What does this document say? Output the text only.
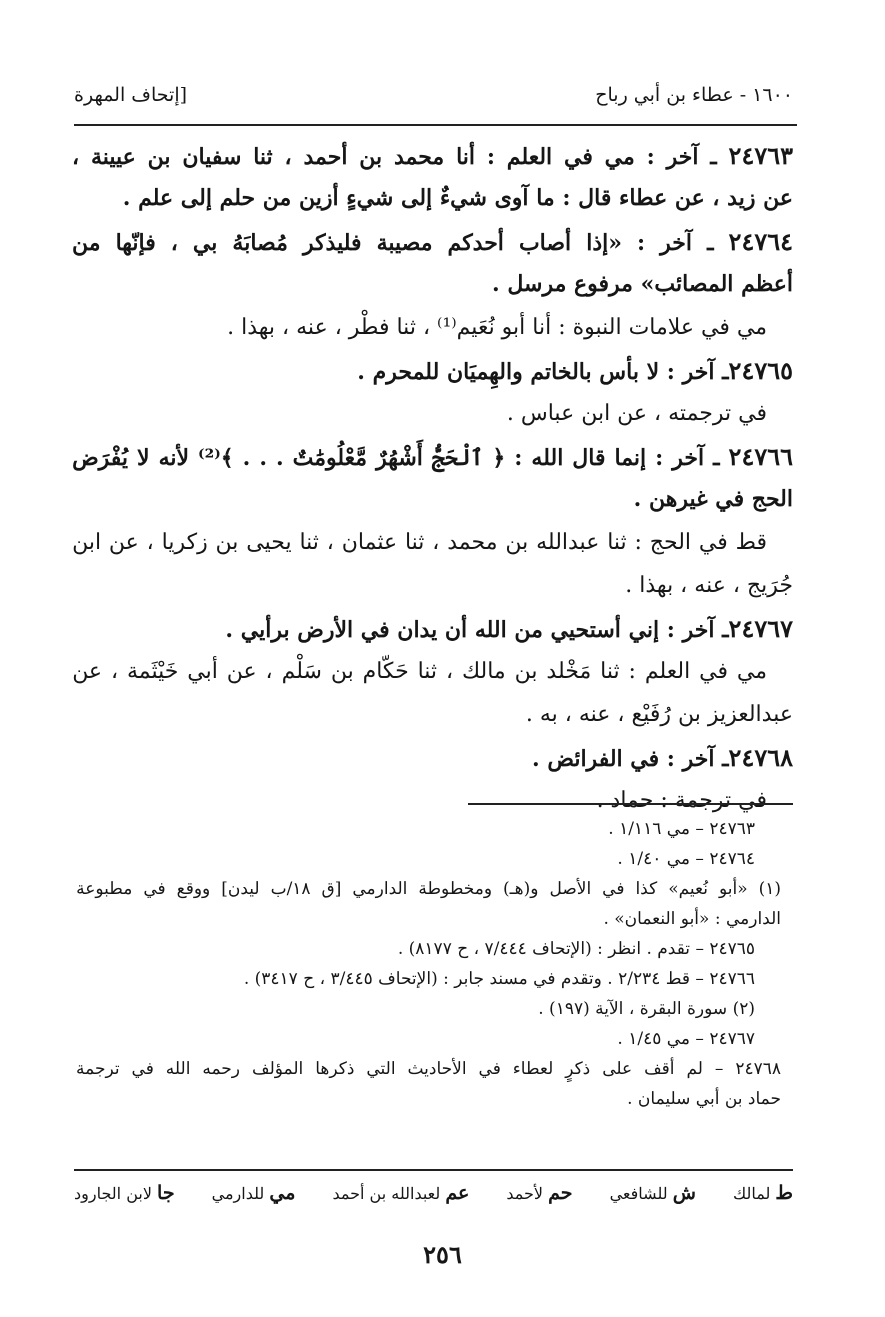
١٦٠٠ - عطاء بن أبي رباح
[إتحاف المهرة
٢٤٧٦٣
ـ
آخر
:
مي
في
العلم
:
أنا
محمد
بن
أحمد
،
ثنا
سفيان
بن
عيينة
،
عن زيد ، عن عطاء قال : ما آوى شيءٌ إلى شيءٍ أزين من حلم إلى علم .
٢٤٧٦٤
ـ
آخر
:
«إذا
أصاب
أحدكم
مصيبة
فليذكر
مُصابَهُ
بي
،
فإنّها
من
أعظم المصائب» مرفوع مرسل .
مي في علامات النبوة : أنا أبو نُعَيم⁽¹⁾ ، ثنا فطْر ، عنه ، بهذا .
٢٤٧٦٥
ـ آخر : لا بأس بالخاتم والهِميَان للمحرم .
في ترجمته ، عن ابن عباس .
٢٤٧٦٦
ـ
آخر
:
إنما
قال
الله
:
﴿
ٱلْحَجُّ
أَشْهُرٌ
مَّعْلُومَٰتٌ
.
.
.
﴾⁽²⁾
لأنه
لا
يُفْرَض
الحج في غيرهن .
قط
في
الحج
:
ثنا
عبدالله
بن
محمد
،
ثنا
عثمان
،
ثنا
يحيى
بن
زكريا
،
عن
ابن
جُرَيج ، عنه ، بهذا .
٢٤٧٦٧
ـ آخر : إني أستحيي من الله أن يدان في الأرض برأيي .
مي
في
العلم
:
ثنا
مَخْلد
بن
مالك
،
ثنا
حَكّام
بن
سَلْم
،
عن
أبي
خَيْثَمة
،
عن
عبدالعزيز بن رُفَيْع ، عنه ، به .
٢٤٧٦٨
ـ آخر : في الفرائض .
في ترجمة : حماد .
٢٤٧٦٣ – مي ١/١١٦ .
٢٤٧٦٤ – مي ١/٤٠ .
(١)
«أبو
نُعيم»
كذا
في
الأصل
و(هـ)
ومخطوطة
الدارمي
[ق
١٨/ب
ليدن]
ووقع
في
مطبوعة
الدارمي : «أبو النعمان» .
٢٤٧٦٥ – تقدم . انظر : (الإتحاف ٧/٤٤٤ ، ح ٨١٧٧) .
٢٤٧٦٦ – قط ٢/٢٣٤ . وتقدم في مسند جابر : (الإتحاف ٣/٤٤٥ ، ح ٣٤١٧) .
(٢) سورة البقرة ، الآية (١٩٧) .
٢٤٧٦٧ – مي ١/٤٥ .
٢٤٧٦٨
–
لم
أقف
على
ذكرٍ
لعطاء
في
الأحاديث
التي
ذكرها
المؤلف
رحمه
الله
في
ترجمة
حماد بن أبي سليمان .
ط لمالك
ش للشافعي
حم لأحمد
عم لعبدالله بن أحمد
مي للدارمي
جا لابن الجارود
٢٥٦
